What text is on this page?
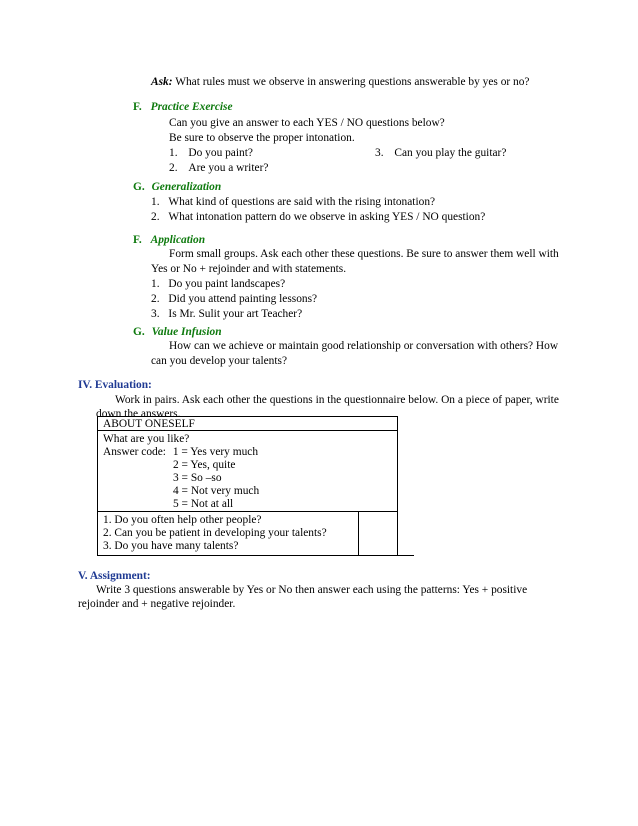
Ask: What rules must we observe in answering questions answerable by yes or no?
F. Practice Exercise
Can you give an answer to each YES / NO questions below?
Be sure to observe the proper intonation.
1. Do you paint?	3. Can you play the guitar?
2. Are you a writer?
G. Generalization
1. What kind of questions are said with the rising intonation?
2. What intonation pattern do we observe in asking YES / NO question?
F. Application
Form small groups. Ask each other these questions. Be sure to answer them well with
Yes or No + rejoinder and with statements.
1. Do you paint landscapes?
2. Did you attend painting lessons?
3. Is Mr. Sulit your art Teacher?
G. Value Infusion
How can we achieve or maintain good relationship or conversation with others? How
can you develop your talents?
IV. Evaluation:
Work in pairs. Ask each other the questions in the questionnaire below. On a piece of paper, write
down the answers.
ABOUT ONESELF
What are you like?
Answer code: 1 = Yes very much
2 = Yes, quite
3 = So –so
4 = Not very much
5 = Not at all
1. Do you often help other people?
2. Can you be patient in developing your talents?
3. Do you have many talents?
V. Assignment:
Write 3 questions answerable by Yes or No then answer each using the patterns: Yes + positive
rejoinder and + negative rejoinder.
